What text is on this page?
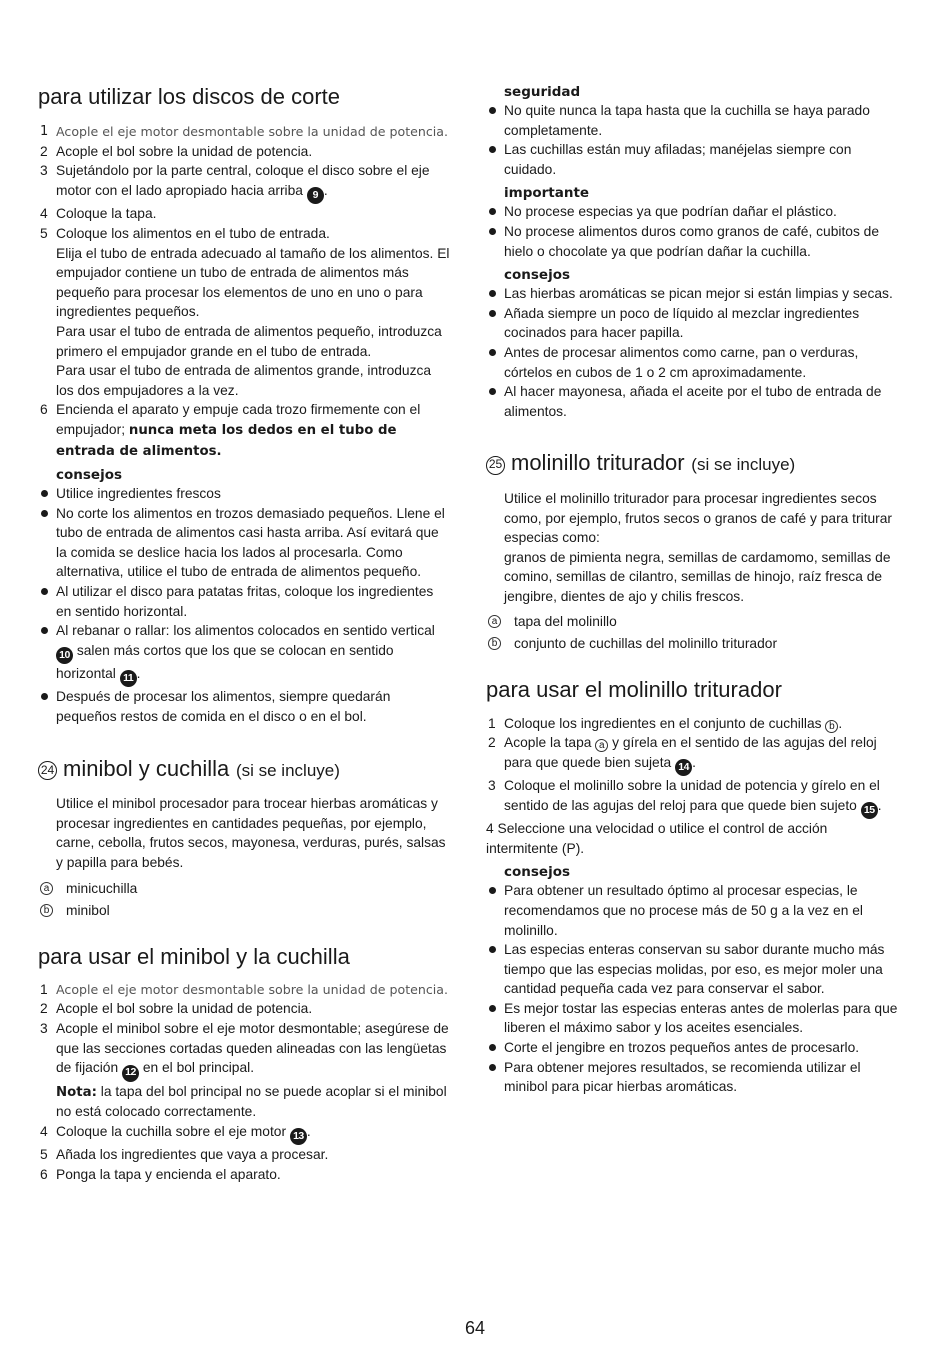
para utilizar los discos de corte
1 Acople el eje motor desmontable sobre la unidad de potencia.
2 Acople el bol sobre la unidad de potencia.
3 Sujetándolo por la parte central, coloque el disco sobre el eje motor con el lado apropiado hacia arriba 9 .
4 Coloque la tapa.
5 Coloque los alimentos en el tubo de entrada.
Elija el tubo de entrada adecuado al tamaño de los alimentos. El empujador contiene un tubo de entrada de alimentos más pequeño para procesar los elementos de uno en uno o para ingredientes pequeños.
Para usar el tubo de entrada de alimentos pequeño, introduzca primero el empujador grande en el tubo de entrada.
Para usar el tubo de entrada de alimentos grande, introduzca los dos empujadores a la vez.
6 Encienda el aparato y empuje cada trozo firmemente con el empujador; nunca meta los dedos en el tubo de entrada de alimentos.
consejos
Utilice ingredientes frescos
No corte los alimentos en trozos demasiado pequeños. Llene el tubo de entrada de alimentos casi hasta arriba. Así evitará que la comida se deslice hacia los lados al procesarla. Como alternativa, utilice el tubo de entrada de alimentos pequeño.
Al utilizar el disco para patatas fritas, coloque los ingredientes en sentido horizontal.
Al rebanar o rallar: los alimentos colocados en sentido vertical 10 salen más cortos que los que se colocan en sentido horizontal 11 .
Después de procesar los alimentos, siempre quedarán pequeños restos de comida en el disco o en el bol.
24 minibol y cuchilla (si se incluye)
Utilice el minibol procesador para trocear hierbas aromáticas y procesar ingredientes en cantidades pequeñas, por ejemplo, carne, cebolla, frutos secos, mayonesa, verduras, purés, salsas y papilla para bebés.
a minicuchilla
b minibol
para usar el minibol y la cuchilla
1 Acople el eje motor desmontable sobre la unidad de potencia.
2 Acople el bol sobre la unidad de potencia.
3 Acople el minibol sobre el eje motor desmontable; asegúrese de que las secciones cortadas queden alineadas con las lengüetas de fijación 12 en el bol principal.
Nota: la tapa del bol principal no se puede acoplar si el minibol no está colocado correctamente.
4 Coloque la cuchilla sobre el eje motor 13 .
5 Añada los ingredientes que vaya a procesar.
6 Ponga la tapa y encienda el aparato.
seguridad
No quite nunca la tapa hasta que la cuchilla se haya parado completamente.
Las cuchillas están muy afiladas; manéjelas siempre con cuidado.
importante
No procese especias ya que podrían dañar el plástico.
No procese alimentos duros como granos de café, cubitos de hielo o chocolate ya que podrían dañar la cuchilla.
consejos
Las hierbas aromáticas se pican mejor si están limpias y secas.
Añada siempre un poco de líquido al mezclar ingredientes cocinados para hacer papilla.
Antes de procesar alimentos como carne, pan o verduras, córtelos en cubos de 1 o 2 cm aproximadamente.
Al hacer mayonesa, añada el aceite por el tubo de entrada de alimentos.
25 molinillo triturador (si se incluye)
Utilice el molinillo triturador para procesar ingredientes secos como, por ejemplo, frutos secos o granos de café y para triturar especias como:
granos de pimienta negra, semillas de cardamomo, semillas de comino, semillas de cilantro, semillas de hinojo, raíz fresca de jengibre, dientes de ajo y chilis frescos.
a tapa del molinillo
b conjunto de cuchillas del molinillo triturador
para usar el molinillo triturador
1 Coloque los ingredientes en el conjunto de cuchillas b .
2 Acople la tapa a y gírela en el sentido de las agujas del reloj para que quede bien sujeta 14 .
3 Coloque el molinillo sobre la unidad de potencia y gírelo en el sentido de las agujas del reloj para que quede bien sujeto 15 .
4 Seleccione una velocidad o utilice el control de acción intermitente (P).
consejos
Para obtener un resultado óptimo al procesar especias, le recomendamos que no procese más de 50 g a la vez en el molinillo.
Las especias enteras conservan su sabor durante mucho más tiempo que las especias molidas, por eso, es mejor moler una cantidad pequeña cada vez para conservar el sabor.
Es mejor tostar las especias enteras antes de molerlas para que liberen el máximo sabor y los aceites esenciales.
Corte el jengibre en trozos pequeños antes de procesarlo.
Para obtener mejores resultados, se recomienda utilizar el minibol para picar hierbas aromáticas.
64
